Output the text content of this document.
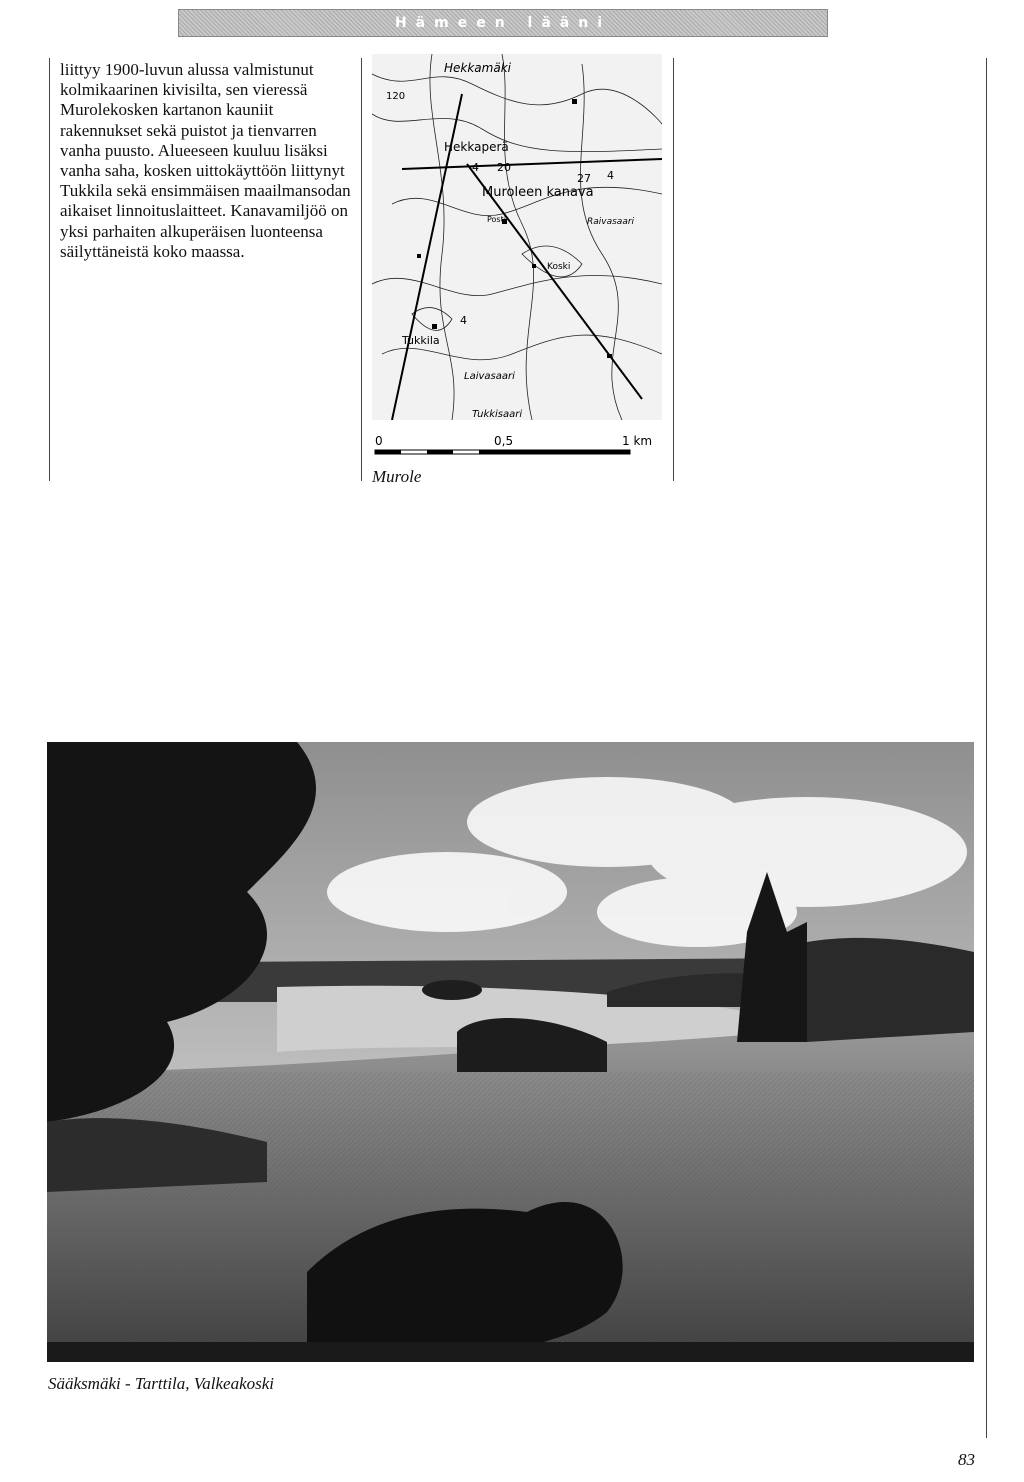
Hämeen lääni

liittyy 1900-luvun alussa valmistunut kolmikaarinen kivisilta, sen vieressä Murolekosken kartanon kauniit rakennukset sekä puistot ja tienvarren vanha puusto. Alueeseen kuuluu lisäksi vanha saha, kosken uittokäyttöön liittynyt Tukkila sekä ensimmäisen maailmansodan aikaiset linnoituslaitteet. Kanavamiljöö on yksi parhaiten alkuperäisen luonteensa säilyttäneistä koko maassa.

Hekkamäki
Hekkaperä
Muroleen kanava
Raivasaari
Laivasaari
Tukkisaari
Tukkila
Koski
Posti
120
4 20
27 4
4
0	0,5	1 km
Murole
Sääksmäki - Tarttila, Valkeakoski
83
